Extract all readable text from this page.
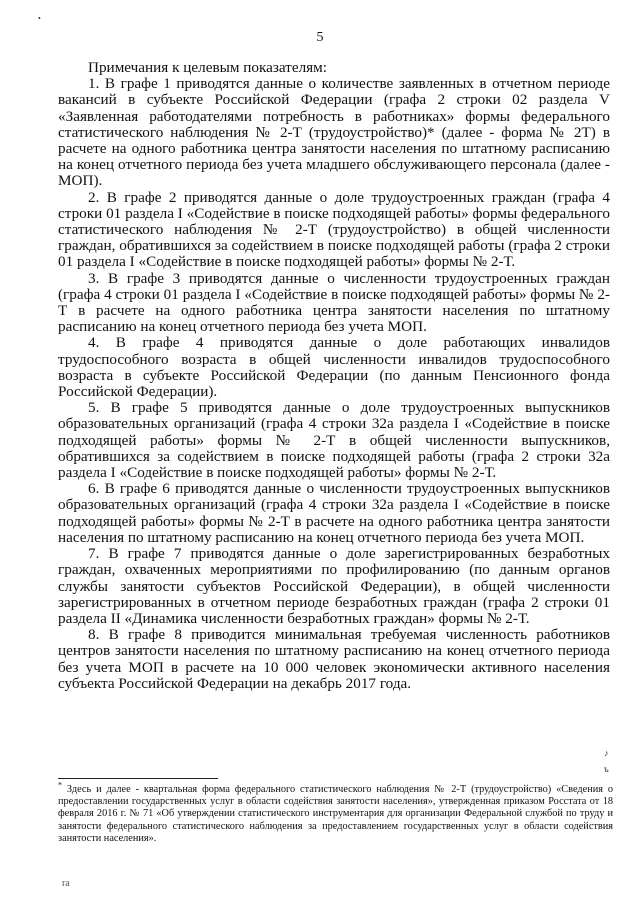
5

Примечания к целевым показателям:

1. В графе 1 приводятся данные о количестве заявленных в отчетном периоде вакансий в субъекте Российской Федерации (графа 2 строки 02 раздела V «Заявленная работодателями потребность в работниках» формы федерального статистического наблюдения № 2-Т (трудоустройство)* (далее - форма № 2Т) в расчете на одного работника центра занятости населения по штатному расписанию на конец отчетного периода без учета младшего обслуживающего персонала (далее - МОП).

2. В графе 2 приводятся данные о доле трудоустроенных граждан (графа 4 строки 01 раздела I «Содействие в поиске подходящей работы» формы федерального статистического наблюдения № 2-Т (трудоустройство) в общей численности граждан, обратившихся за содействием в поиске подходящей работы (графа 2 строки 01 раздела I «Содействие в поиске подходящей работы» формы № 2-Т.

3. В графе 3 приводятся данные о численности трудоустроенных граждан (графа 4 строки 01 раздела I «Содействие в поиске подходящей работы» формы № 2-Т в расчете на одного работника центра занятости населения по штатному расписанию на конец отчетного периода без учета МОП.

4. В графе 4 приводятся данные о доле работающих инвалидов трудоспособного возраста в общей численности инвалидов трудоспособного возраста в субъекте Российской Федерации (по данным Пенсионного фонда Российской Федерации).

5. В графе 5 приводятся данные о доле трудоустроенных выпускников образовательных организаций (графа 4 строки 32а раздела I «Содействие в поиске подходящей работы» формы № 2-Т в общей численности выпускников, обратившихся за содействием в поиске подходящей работы (графа 2 строки 32а раздела I «Содействие в поиске подходящей работы» формы № 2-Т.

6. В графе 6 приводятся данные о численности трудоустроенных выпускников образовательных организаций (графа 4 строки 32а раздела I «Содействие в поиске подходящей работы» формы № 2-Т в расчете на одного работника центра занятости населения по штатному расписанию на конец отчетного периода без учета МОП.

7. В графе 7 приводятся данные о доле зарегистрированных безработных граждан, охваченных мероприятиями по профилированию (по данным органов службы занятости субъектов Российской Федерации), в общей численности зарегистрированных в отчетном периоде безработных граждан (графа 2 строки 01 раздела II «Динамика численности безработных граждан» формы № 2-Т.

8. В графе 8 приводится минимальная требуемая численность работников центров занятости населения по штатному расписанию на конец отчетного периода без учета МОП в расчете на 10 000 человек экономически активного населения субъекта Российской Федерации на декабрь 2017 года.

* Здесь и далее - квартальная форма федерального статистического наблюдения № 2-Т (трудоустройство) «Сведения о предоставлении государственных услуг в области содействия занятости населения», утвержденная приказом Росстата от 18 февраля 2016 г. № 71 «Об утверждении статистического инструментария для организации Федеральной службой по труду и занятости федерального статистического наблюдения за предоставлением государственных услуг в области содействия занятости населения».
•
♪
ъ
ra
